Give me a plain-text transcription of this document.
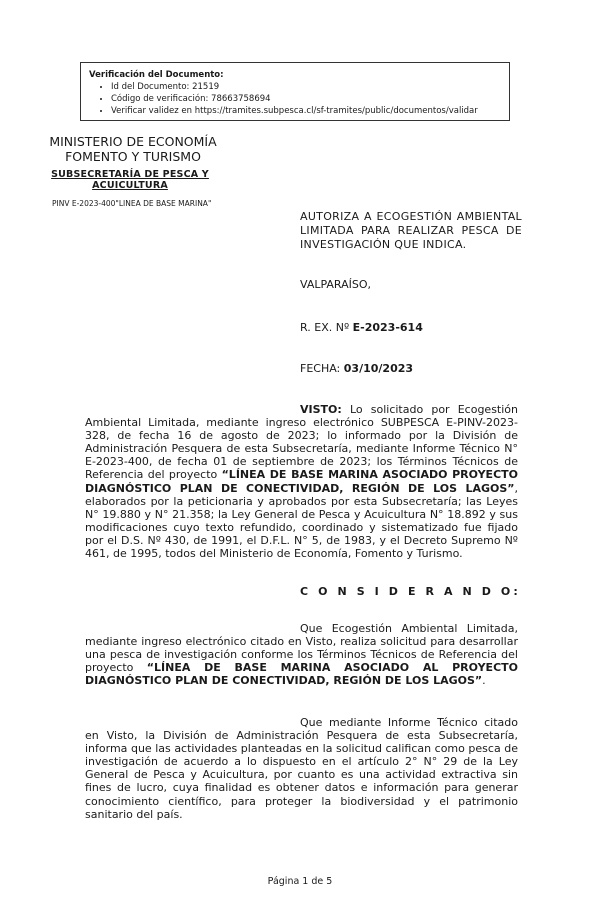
Verificación del Documento:
• Id del Documento: 21519
• Código de verificación: 78663758694
• Verificar validez en https://tramites.subpesca.cl/sf-tramites/public/documentos/validar
MINISTERIO DE ECONOMÍA
FOMENTO Y TURISMO
SUBSECRETARÍA DE PESCA Y
ACUICULTURA
PINV E-2023-400"LINEA DE BASE MARINA"
AUTORIZA A ECOGESTIÓN AMBIENTAL LIMITADA PARA REALIZAR PESCA DE INVESTIGACIÓN QUE INDICA.
VALPARAÍSO,
R. EX. Nº E-2023-614
FECHA: 03/10/2023
VISTO: Lo solicitado por Ecogestión Ambiental Limitada, mediante ingreso electrónico SUBPESCA E-PINV-2023-328, de fecha 16 de agosto de 2023; lo informado por la División de Administración Pesquera de esta Subsecretaría, mediante Informe Técnico N° E-2023-400, de fecha 01 de septiembre de 2023; los Términos Técnicos de Referencia del proyecto “LÍNEA DE BASE MARINA ASOCIADO PROYECTO DIAGNÓSTICO PLAN DE CONECTIVIDAD, REGIÓN DE LOS LAGOS”, elaborados por la peticionaria y aprobados por esta Subsecretaría; las Leyes N° 19.880 y N° 21.358; la Ley General de Pesca y Acuicultura N° 18.892 y sus modificaciones cuyo texto refundido, coordinado y sistematizado fue fijado por el D.S. Nº 430, de 1991, el D.F.L. N° 5, de 1983, y el Decreto Supremo Nº 461, de 1995, todos del Ministerio de Economía, Fomento y Turismo.
C O N S I D E R A N D O:
Que Ecogestión Ambiental Limitada, mediante ingreso electrónico citado en Visto, realiza solicitud para desarrollar una pesca de investigación conforme los Términos Técnicos de Referencia del proyecto “LÍNEA DE BASE MARINA ASOCIADO AL PROYECTO DIAGNÓSTICO PLAN DE CONECTIVIDAD, REGIÓN DE LOS LAGOS”.
Que mediante Informe Técnico citado en Visto, la División de Administración Pesquera de esta Subsecretaría, informa que las actividades planteadas en la solicitud califican como pesca de investigación de acuerdo a lo dispuesto en el artículo 2° N° 29 de la Ley General de Pesca y Acuicultura, por cuanto es una actividad extractiva sin fines de lucro, cuya finalidad es obtener datos e información para generar conocimiento científico, para proteger la biodiversidad y el patrimonio sanitario del país.
Página 1 de 5
